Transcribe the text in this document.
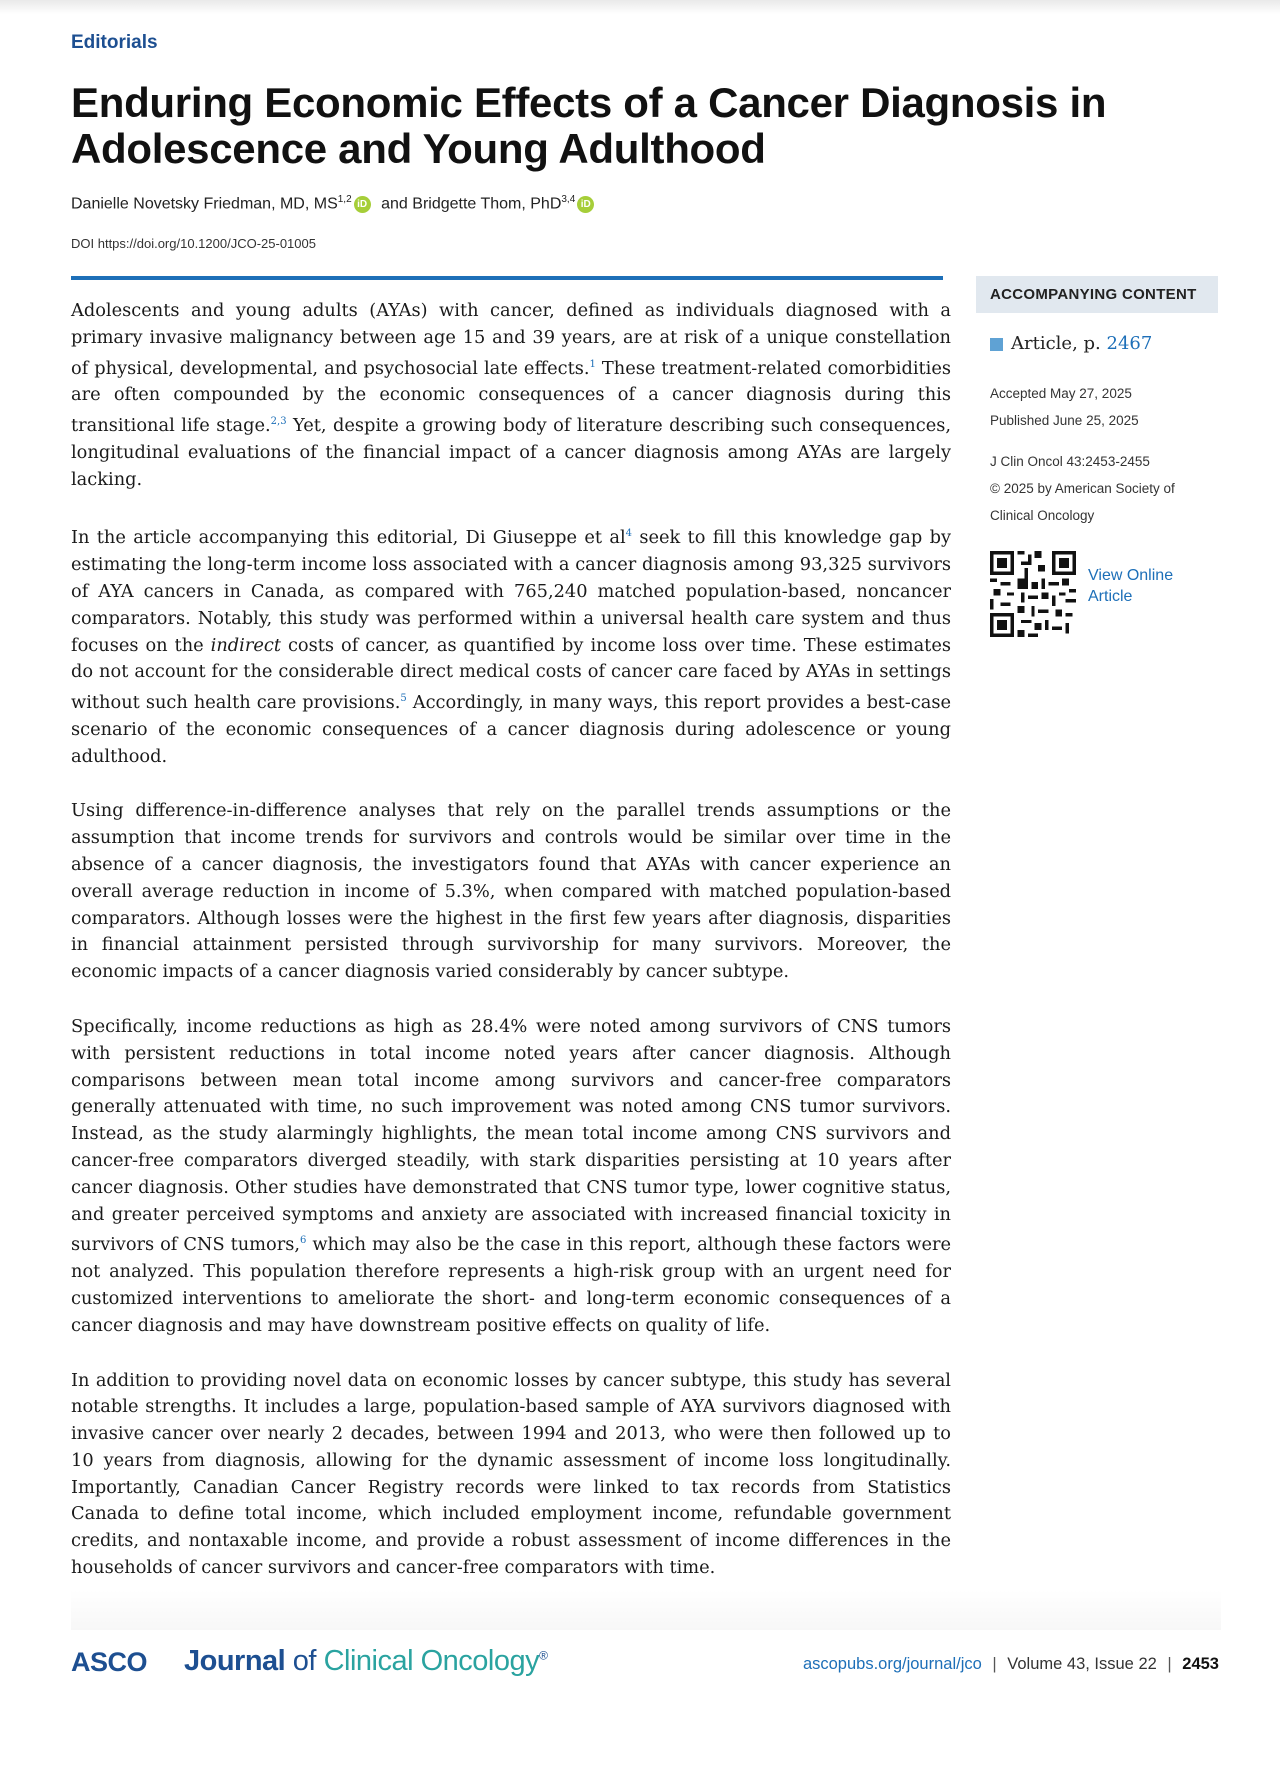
Editorials
Enduring Economic Effects of a Cancer Diagnosis in Adolescence and Young Adulthood
Danielle Novetsky Friedman, MD, MS$^{1,2}$ iD and Bridgette Thom, PhD$^{3,4}$ iD
DOI https://doi.org/10.1200/JCO-25-01005

Adolescents and young adults (AYAs) with cancer, defined as individuals diagnosed with a primary invasive malignancy between age 15 and 39 years, are at risk of a unique constellation of physical, developmental, and psychosocial late effects.$^1$ These treatment-related comorbidities are often compounded by the economic consequences of a cancer diagnosis during this transitional life stage.$^{2,3}$ Yet, despite a growing body of literature describing such consequences, longitudinal evaluations of the financial impact of a cancer diagnosis among AYAs are largely lacking.

In the article accompanying this editorial, Di Giuseppe et $al^4$ seek to fill this knowledge gap by estimating the long-term income loss associated with a cancer diagnosis among 93,325 survivors of AYA cancers in Canada, as compared with 765,240 matched population-based, noncancer comparators. Notably, this study was performed within a universal health care system and thus focuses on the indirect costs of cancer, as quantified by income loss over time. These estimates do not account for the considerable direct medical costs of cancer care faced by AYAs in settings without such health care provisions.$^5$ Accordingly, in many ways, this report provides a best-case scenario of the economic consequences of a cancer diagnosis during adolescence or young adulthood.

Using difference-in-difference analyses that rely on the parallel trends assumptions or the assumption that income trends for survivors and controls would be similar over time in the absence of a cancer diagnosis, the investigators found that AYAs with cancer experience an overall average reduction in income of 5.3%, when compared with matched population-based comparators. Although losses were the highest in the first few years after diagnosis, disparities in financial attainment persisted through survivorship for many survivors. Moreover, the economic impacts of a cancer diagnosis varied considerably by cancer subtype.

Specifically, income reductions as high as 28.4% were noted among survivors of CNS tumors with persistent reductions in total income noted years after cancer diagnosis. Although comparisons between mean total income among survivors and cancer-free comparators generally attenuated with time, no such improvement was noted among CNS tumor survivors. Instead, as the study alarmingly highlights, the mean total income among CNS survivors and cancer-free comparators diverged steadily, with stark disparities persisting at 10 years after cancer diagnosis. Other studies have demonstrated that CNS tumor type, lower cognitive status, and greater perceived symptoms and anxiety are associated with increased financial toxicity in survivors of CNS tumors,$^6$ which may also be the case in this report, although these factors were not analyzed. This population therefore represents a high-risk group with an urgent need for customized interventions to ameliorate the short- and long-term economic consequences of a cancer diagnosis and may have downstream positive effects on quality of life.

In addition to providing novel data on economic losses by cancer subtype, this study has several notable strengths. It includes a large, population-based sample of AYA survivors diagnosed with invasive cancer over nearly 2 decades, between 1994 and 2013, who were then followed up to 10 years from diagnosis, allowing for the dynamic assessment of income loss longitudinally. Importantly, Canadian Cancer Registry records were linked to tax records from Statistics Canada to define total income, which included employment income, refundable government credits, and nontaxable income, and provide a robust assessment of income differences in the households of cancer survivors and cancer-free comparators with time.

ACCOMPANYING CONTENT
Article, p. 2467
Accepted May 27, 2025
Published June 25, 2025
J Clin Oncol 43:2453-2455
© 2025 by American Society of
Clinical Oncology
View Online
Article
ASCO Journal of Clinical Oncology®	ascopubs.org/journal/jco | Volume 43, Issue 22 | 2453
